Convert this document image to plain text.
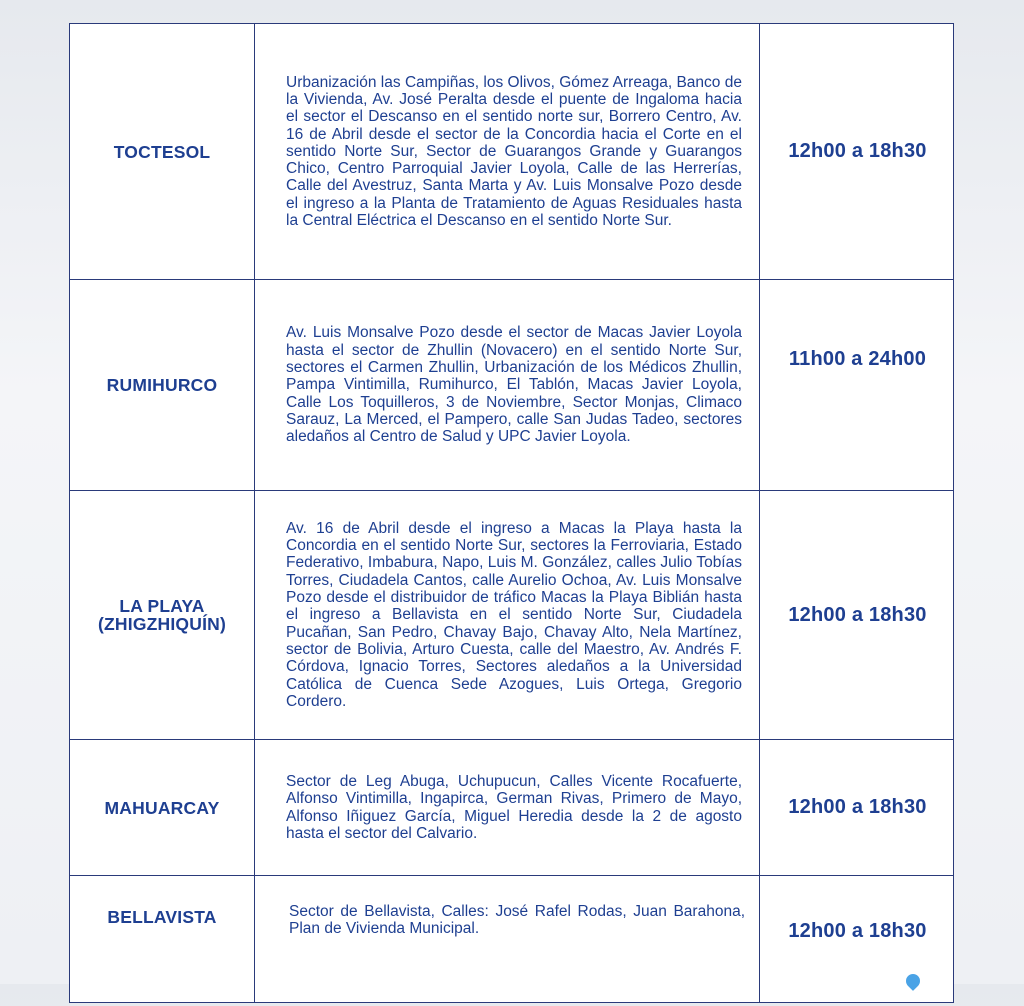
TOCTESOL
Urbanización las Campiñas, los Olivos, Gómez Arreaga, Banco de la Vivienda, Av. José Peralta desde el puente de Ingaloma hacia el sector el Descanso en el sentido norte sur, Borrero Centro, Av. 16 de Abril desde el sector de la Concordia hacia el Corte en el sentido Norte Sur, Sector de Guarangos Grande y Guarangos Chico, Centro Parroquial Javier Loyola, Calle de las Herrerías, Calle del Avestruz, Santa Marta y Av. Luis Monsalve Pozo desde el ingreso a la Planta de Tratamiento de Aguas Residuales hasta la Central Eléctrica el Descanso en el sentido Norte Sur.
12h00 a 18h30
RUMIHURCO
Av. Luis Monsalve Pozo desde el sector de Macas Javier Loyola hasta el sector de Zhullin (Novacero) en el sentido Norte Sur, sectores el Carmen Zhullin, Urbanización de los Médicos Zhullin, Pampa Vintimilla, Rumihurco, El Tablón, Macas Javier Loyola, Calle Los Toquilleros, 3 de Noviembre, Sector Monjas, Climaco Sarauz, La Merced, el Pampero, calle San Judas Tadeo, sectores aledaños al Centro de Salud y UPC Javier Loyola.
11h00 a 24h00
LA PLAYA
(ZHIGZHIQUÍN)
Av. 16 de Abril desde el ingreso a Macas la Playa hasta la Concordia en el sentido Norte Sur, sectores la Ferroviaria, Estado Federativo, Imbabura, Napo, Luis M. González, calles Julio Tobías Torres, Ciudadela Cantos, calle Aurelio Ochoa, Av. Luis Monsalve Pozo desde el distribuidor de tráfico Macas la Playa Biblián hasta el ingreso a Bellavista en el sentido Norte Sur, Ciudadela Pucañan, San Pedro, Chavay Bajo, Chavay Alto, Nela Martínez, sector de Bolivia, Arturo Cuesta, calle del Maestro, Av. Andrés F. Córdova, Ignacio Torres, Sectores aledaños a la Universidad Católica de Cuenca Sede Azogues, Luis Ortega, Gregorio Cordero.
12h00 a 18h30
MAHUARCAY
Sector de Leg Abuga, Uchupucun, Calles Vicente Rocafuerte, Alfonso Vintimilla, Ingapirca, German Rivas, Primero de Mayo, Alfonso Iñiguez García, Miguel Heredia desde la 2 de agosto hasta el sector del Calvario.
12h00 a 18h30
BELLAVISTA	Sector de Bellavista, Calles: José Rafel Rodas, Juan Barahona, Plan de Vivienda Municipal.	12h00 a 18h30
